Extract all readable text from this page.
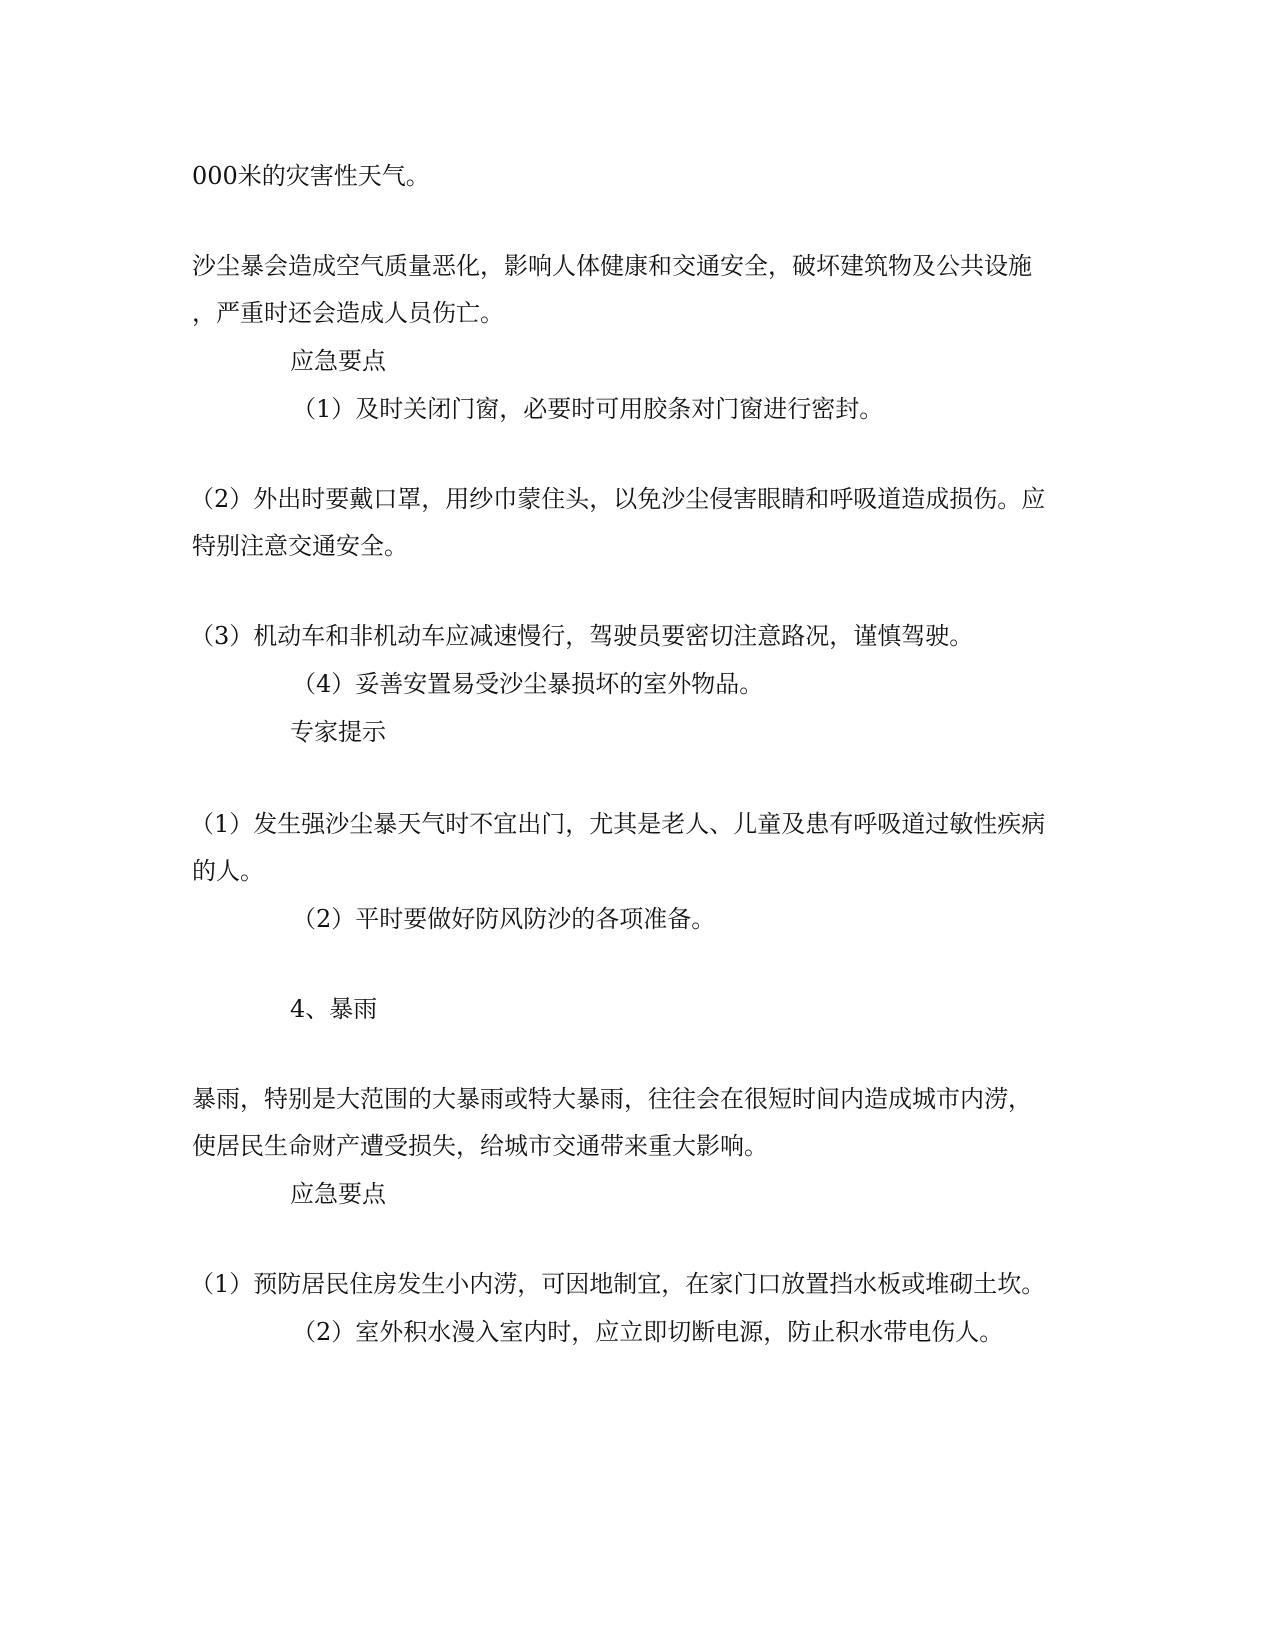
000米的灾害性天气。

沙尘暴会造成空气质量恶化，影响人体健康和交通安全，破坏建筑物及公共设施

，严重时还会造成人员伤亡。

应急要点

（1）及时关闭门窗，必要时可用胶条对门窗进行密封。

（2）外出时要戴口罩，用纱巾蒙住头，以免沙尘侵害眼睛和呼吸道造成损伤。应

特别注意交通安全。

（3）机动车和非机动车应减速慢行，驾驶员要密切注意路况，谨慎驾驶。

（4）妥善安置易受沙尘暴损坏的室外物品。

专家提示

（1）发生强沙尘暴天气时不宜出门，尤其是老人、儿童及患有呼吸道过敏性疾病

的人。

（2）平时要做好防风防沙的各项准备。

4、暴雨

暴雨，特别是大范围的大暴雨或特大暴雨，往往会在很短时间内造成城市内涝，

使居民生命财产遭受损失，给城市交通带来重大影响。

应急要点

（1）预防居民住房发生小内涝，可因地制宜，在家门口放置挡水板或堆砌土坎。

（2）室外积水漫入室内时，应立即切断电源，防止积水带电伤人。
